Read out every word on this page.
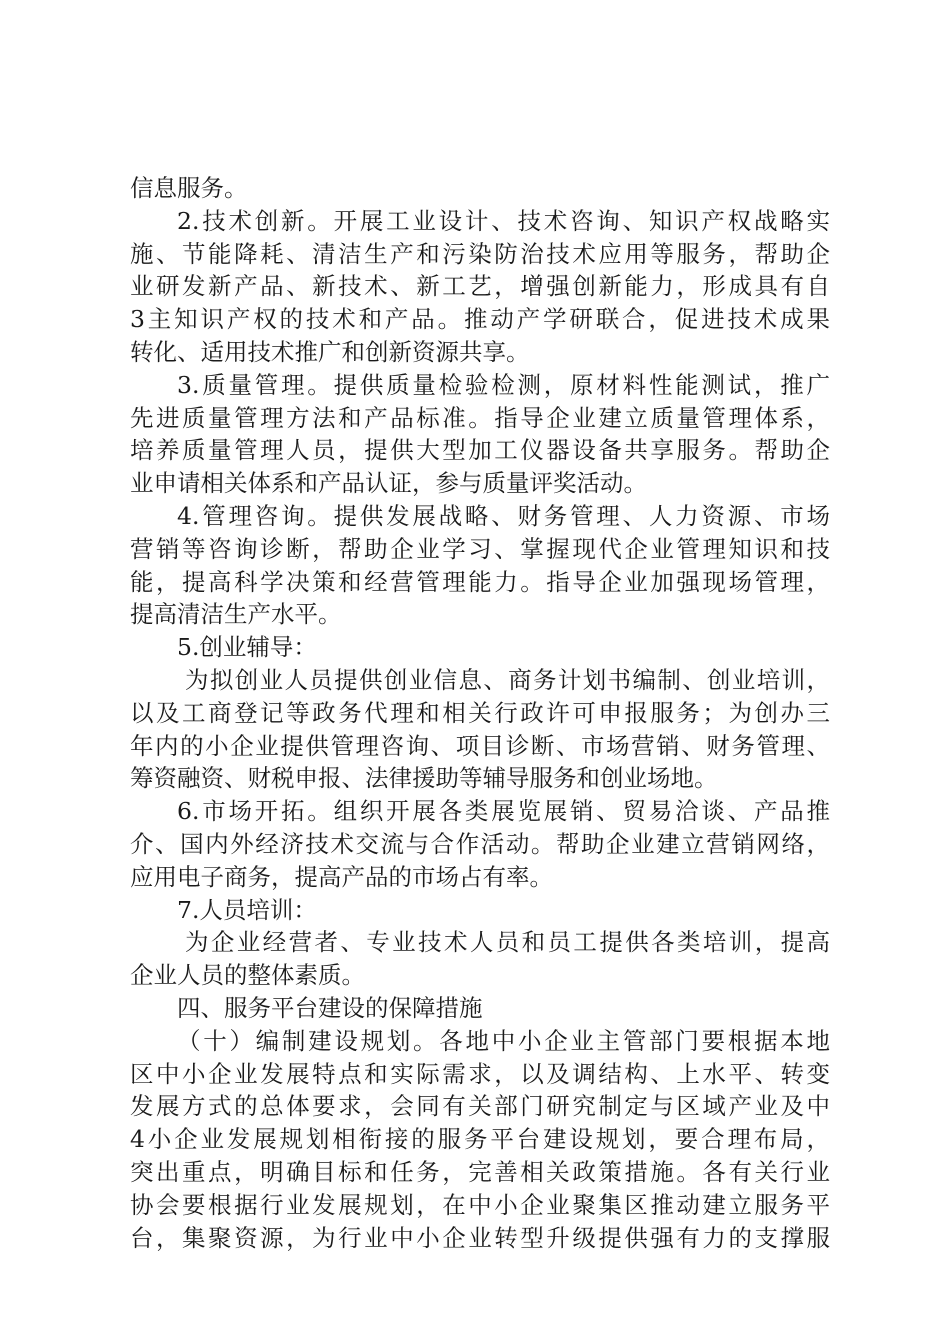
信息服务。
2.技术创新。开展工业设计、技术咨询、知识产权战略实
施、节能降耗、清洁生产和污染防治技术应用等服务，帮助企
业研发新产品、新技术、新工艺，增强创新能力，形成具有自
3主知识产权的技术和产品。推动产学研联合，促进技术成果
转化、适用技术推广和创新资源共享。
3.质量管理。提供质量检验检测，原材料性能测试，推广
先进质量管理方法和产品标准。指导企业建立质量管理体系，
培养质量管理人员，提供大型加工仪器设备共享服务。帮助企
业申请相关体系和产品认证，参与质量评奖活动。
4.管理咨询。提供发展战略、财务管理、人力资源、市场
营销等咨询诊断，帮助企业学习、掌握现代企业管理知识和技
能，提高科学决策和经营管理能力。指导企业加强现场管理，
提高清洁生产水平。
5.创业辅导：
为拟创业人员提供创业信息、商务计划书编制、创业培训，
以及工商登记等政务代理和相关行政许可申报服务；为创办三
年内的小企业提供管理咨询、项目诊断、市场营销、财务管理、
筹资融资、财税申报、法律援助等辅导服务和创业场地。
6.市场开拓。组织开展各类展览展销、贸易洽谈、产品推
介、国内外经济技术交流与合作活动。帮助企业建立营销网络，
应用电子商务，提高产品的市场占有率。
7.人员培训：
为企业经营者、专业技术人员和员工提供各类培训，提高
企业人员的整体素质。
四、服务平台建设的保障措施
（十）编制建设规划。各地中小企业主管部门要根据本地
区中小企业发展特点和实际需求，以及调结构、上水平、转变
发展方式的总体要求，会同有关部门研究制定与区域产业及中
4小企业发展规划相衔接的服务平台建设规划，要合理布局，
突出重点，明确目标和任务，完善相关政策措施。各有关行业
协会要根据行业发展规划，在中小企业聚集区推动建立服务平
台，集聚资源，为行业中小企业转型升级提供强有力的支撑服
